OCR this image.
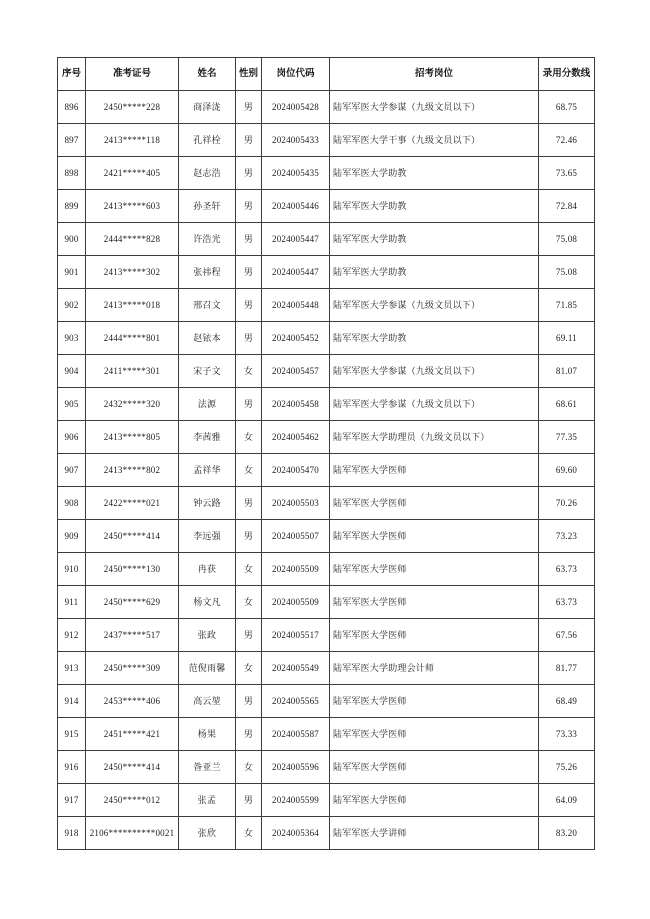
序号	准考证号	姓名	性别	岗位代码	招考岗位	录用分数线
896	2450*****228	商泽泷	男	2024005428	陆军军医大学参谋（九级文员以下）	68.75
897	2413*****118	孔祥栓	男	2024005433	陆军军医大学干事（九级文员以下）	72.46
898	2421*****405	赵志浩	男	2024005435	陆军军医大学助教	73.65
899	2413*****603	孙圣轩	男	2024005446	陆军军医大学助教	72.84
900	2444*****828	许浩光	男	2024005447	陆军军医大学助教	75.08
901	2413*****302	张祎程	男	2024005447	陆军军医大学助教	75.08
902	2413*****018	邢召文	男	2024005448	陆军军医大学参谋（九级文员以下）	71.85
903	2444*****801	赵铱本	男	2024005452	陆军军医大学助教	69.11
904	2411*****301	宋子文	女	2024005457	陆军军医大学参谋（九级文员以下）	81.07
905	2432*****320	法源	男	2024005458	陆军军医大学参谋（九级文员以下）	68.61
906	2413*****805	李茜雅	女	2024005462	陆军军医大学助理员（九级文员以下）	77.35
907	2413*****802	孟祥华	女	2024005470	陆军军医大学医师	69.60
908	2422*****021	钟云路	男	2024005503	陆军军医大学医师	70.26
909	2450*****414	李远强	男	2024005507	陆军军医大学医师	73.23
910	2450*****130	冉获	女	2024005509	陆军军医大学医师	63.73
911	2450*****629	杨文凡	女	2024005509	陆军军医大学医师	63.73
912	2437*****517	张政	男	2024005517	陆军军医大学医师	67.56
913	2450*****309	范倪雨馨	女	2024005549	陆军军医大学助理会计师	81.77
914	2453*****406	高云堃	男	2024005565	陆军军医大学医师	68.49
915	2451*****421	杨果	男	2024005587	陆军军医大学医师	73.33
916	2450*****414	昝亚兰	女	2024005596	陆军军医大学医师	75.26
917	2450*****012	张孟	男	2024005599	陆军军医大学医师	64.09
918	2106**********0021	张欣	女	2024005364	陆军军医大学讲师	83.20
